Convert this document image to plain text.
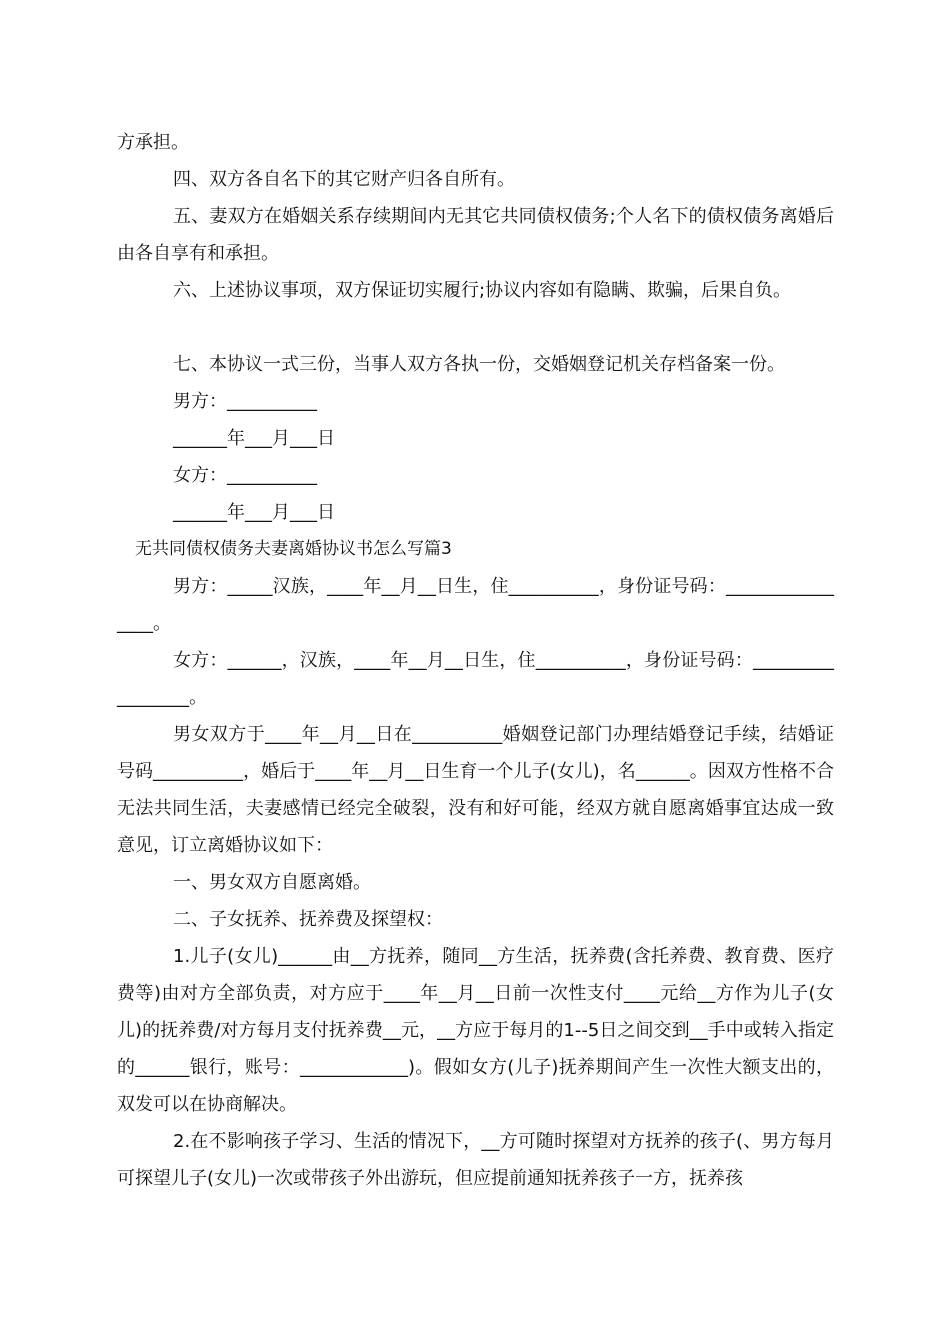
方承担。

四、双方各自名下的其它财产归各自所有。

五、妻双方在婚姻关系存续期间内无其它共同债权债务;个人名下的债权债务离婚后由各自享有和承担。

六、上述协议事项，双方保证切实履行;协议内容如有隐瞒、欺骗，后果自负。

七、本协议一式三份，当事人双方各执一份，交婚姻登记机关存档备案一份。

男方：__________

______年___月___日

女方：__________

______年___月___日

无共同债权债务夫妻离婚协议书怎么写篇3

男方：_____汉族，____年__月__日生，住__________，身份证号码：________________。

女方：______，汉族，____年__月__日生，住__________，身份证号码：_________________。

男女双方于____年__月__日在__________婚姻登记部门办理结婚登记手续，结婚证号码__________，婚后于____年__月__日生育一个儿子(女儿)，名______。因双方性格不合无法共同生活，夫妻感情已经完全破裂，没有和好可能，经双方就自愿离婚事宜达成一致意见，订立离婚协议如下：

一、男女双方自愿离婚。

二、子女抚养、抚养费及探望权：

1.儿子(女儿)______由__方抚养，随同__方生活，抚养费(含托养费、教育费、医疗费等)由对方全部负责，对方应于____年__月__日前一次性支付____元给__方作为儿子(女儿)的抚养费/对方每月支付抚养费__元，__方应于每月的1--5日之间交到__手中或转入指定的______银行，账号：____________)。假如女方(儿子)抚养期间产生一次性大额支出的，双发可以在协商解决。

2.在不影响孩子学习、生活的情况下，__方可随时探望对方抚养的孩子(、男方每月可探望儿子(女儿)一次或带孩子外出游玩，但应提前通知抚养孩子一方，抚养孩
